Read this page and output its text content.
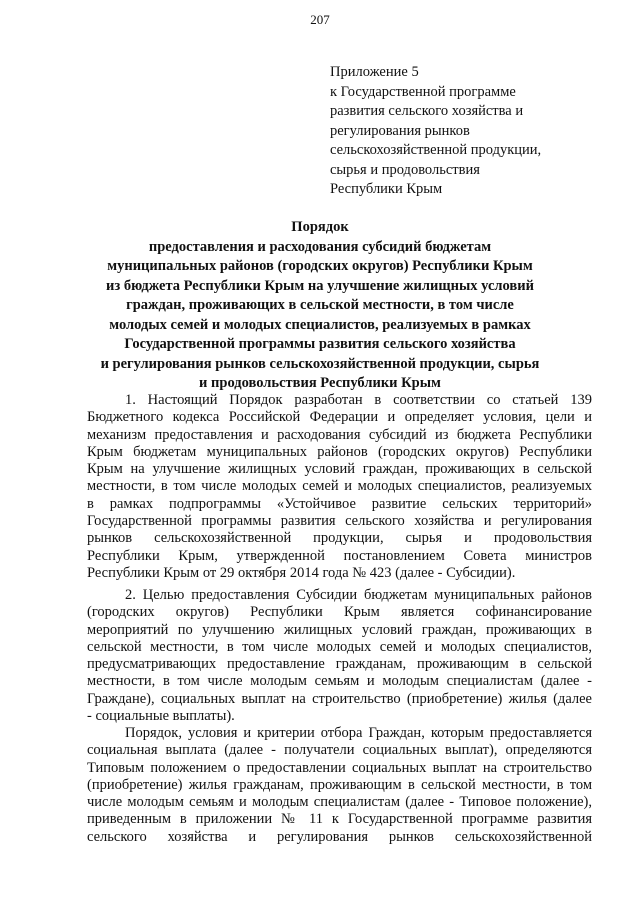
207
Приложение 5
к Государственной программе
развития сельского хозяйства и
регулирования рынков
сельскохозяйственной продукции,
сырья и продовольствия
Республики Крым
Порядок
предоставления и расходования субсидий бюджетам
муниципальных районов (городских округов) Республики Крым
из бюджета Республики Крым на улучшение жилищных условий
граждан, проживающих в сельской местности, в том числе
молодых семей и молодых специалистов, реализуемых в рамках
Государственной программы развития сельского хозяйства
и регулирования рынков сельскохозяйственной продукции, сырья
и продовольствия Республики Крым
1. Настоящий Порядок разработан в соответствии со статьей 139
Бюджетного кодекса Российской Федерации и определяет условия, цели и
механизм предоставления и расходования субсидий из бюджета Республики
Крым бюджетам муниципальных районов (городских округов) Республики
Крым на улучшение жилищных условий граждан, проживающих в сельской
местности, в том числе молодых семей и молодых специалистов, реализуемых
в рамках подпрограммы «Устойчивое развитие сельских территорий»
Государственной программы развития сельского хозяйства и регулирования
рынков сельскохозяйственной продукции, сырья и продовольствия
Республики Крым, утвержденной постановлением Совета министров
Республики Крым от 29 октября 2014 года № 423 (далее - Субсидии).
2. Целью предоставления Субсидии бюджетам муниципальных районов
(городских округов) Республики Крым является софинансирование
мероприятий по улучшению жилищных условий граждан, проживающих в
сельской местности, в том числе молодых семей и молодых специалистов,
предусматривающих предоставление гражданам, проживающим в сельской
местности, в том числе молодым семьям и молодым специалистам (далее -
Граждане), социальных выплат на строительство (приобретение) жилья (далее
- социальные выплаты).
Порядок, условия и критерии отбора Граждан, которым предоставляется
социальная выплата (далее - получатели социальных выплат), определяются
Типовым положением о предоставлении социальных выплат на строительство
(приобретение) жилья гражданам, проживающим в сельской местности, в том
числе молодым семьям и молодым специалистам (далее - Типовое положение),
приведенным в приложении № 11 к Государственной программе развития
сельского хозяйства и регулирования рынков сельскохозяйственной
